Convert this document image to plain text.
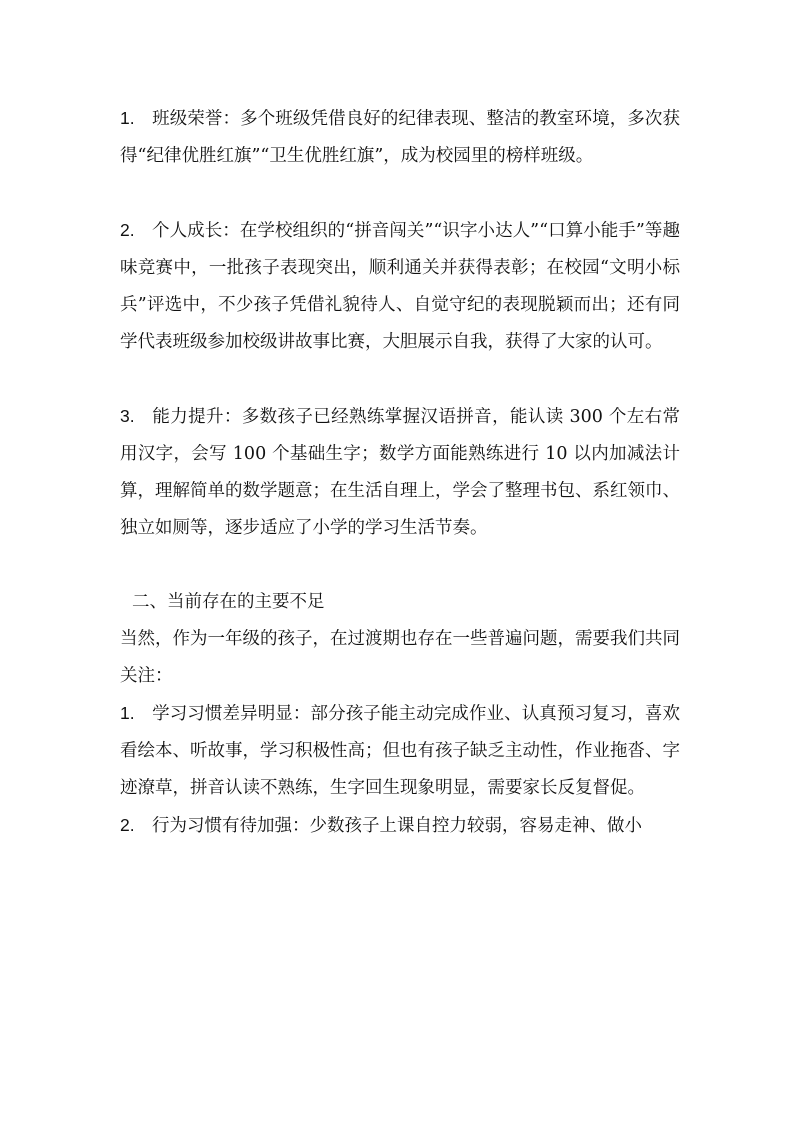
1. 班级荣誉：多个班级凭借良好的纪律表现、整洁的教室环境，多次获得“纪律优胜红旗”“卫生优胜红旗”，成为校园里的榜样班级。

2. 个人成长：在学校组织的“拼音闯关”“识字小达人”“口算小能手”等趣味竞赛中，一批孩子表现突出，顺利通关并获得表彰；在校园“文明小标兵”评选中，不少孩子凭借礼貌待人、自觉守纪的表现脱颖而出；还有同学代表班级参加校级讲故事比赛，大胆展示自我，获得了大家的认可。

3. 能力提升：多数孩子已经熟练掌握汉语拼音，能认读 300 个左右常用汉字，会写 100 个基础生字；数学方面能熟练进行 10 以内加减法计算，理解简单的数学题意；在生活自理上，学会了整理书包、系红领巾、独立如厕等，逐步适应了小学的学习生活节奏。

二、当前存在的主要不足

当然，作为一年级的孩子，在过渡期也存在一些普遍问题，需要我们共同关注：

1. 学习习惯差异明显：部分孩子能主动完成作业、认真预习复习，喜欢看绘本、听故事，学习积极性高；但也有孩子缺乏主动性，作业拖沓、字迹潦草，拼音认读不熟练，生字回生现象明显，需要家长反复督促。

2. 行为习惯有待加强：少数孩子上课自控力较弱，容易走神、做小
